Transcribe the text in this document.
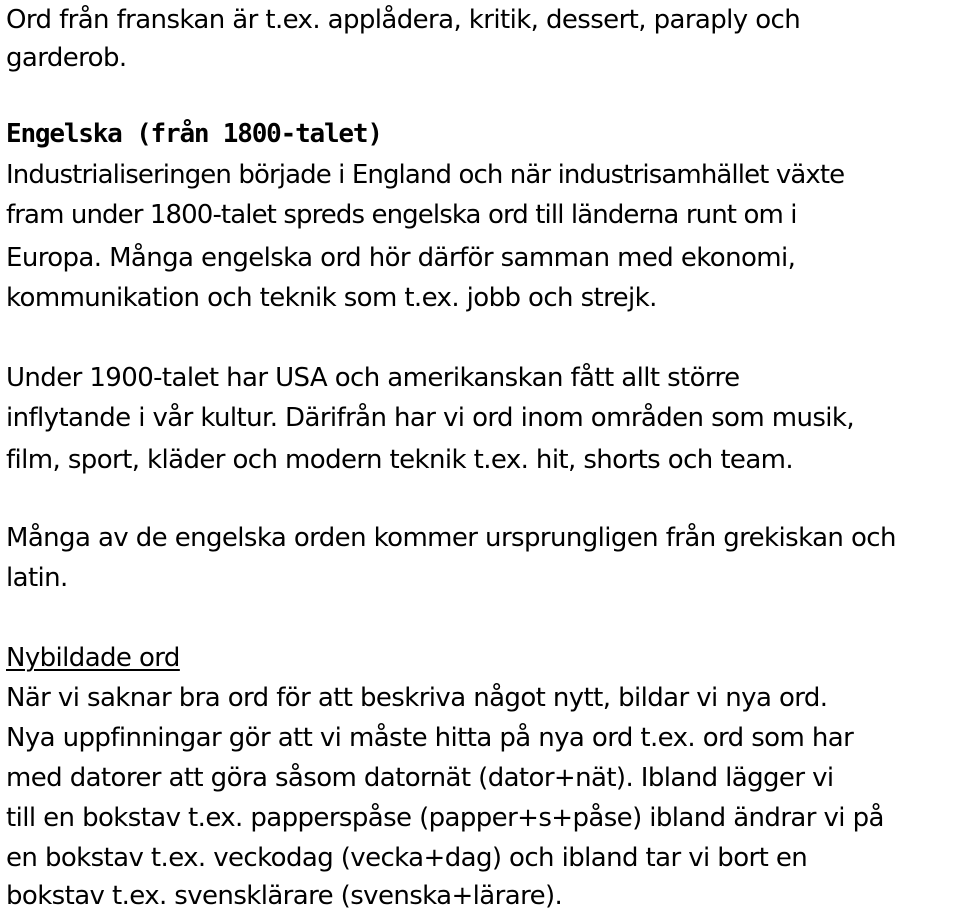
Ord från franskan är t.ex. applådera, kritik, dessert, paraply och
garderob.
Engelska (från 1800-talet)
Industrialiseringen började i England och när industrisamhället växte
fram under 1800-talet spreds engelska ord till länderna runt om i
Europa. Många engelska ord hör därför samman med ekonomi,
kommunikation och teknik som t.ex. jobb och strejk.
Under 1900-talet har USA och amerikanskan fått allt större
inflytande i vår kultur. Därifrån har vi ord inom områden som musik,
film, sport, kläder och modern teknik t.ex. hit, shorts och team.
Många av de engelska orden kommer ursprungligen från grekiskan och
latin.
Nybildade ord
När vi saknar bra ord för att beskriva något nytt, bildar vi nya ord.
Nya uppfinningar gör att vi måste hitta på nya ord t.ex. ord som har
med datorer att göra såsom datornät (dator+nät). Ibland lägger vi
till en bokstav t.ex. papperspåse (papper+s+påse) ibland ändrar vi på
en bokstav t.ex. veckodag (vecka+dag) och ibland tar vi bort en
bokstav t.ex. svensklärare (svenska+lärare).
